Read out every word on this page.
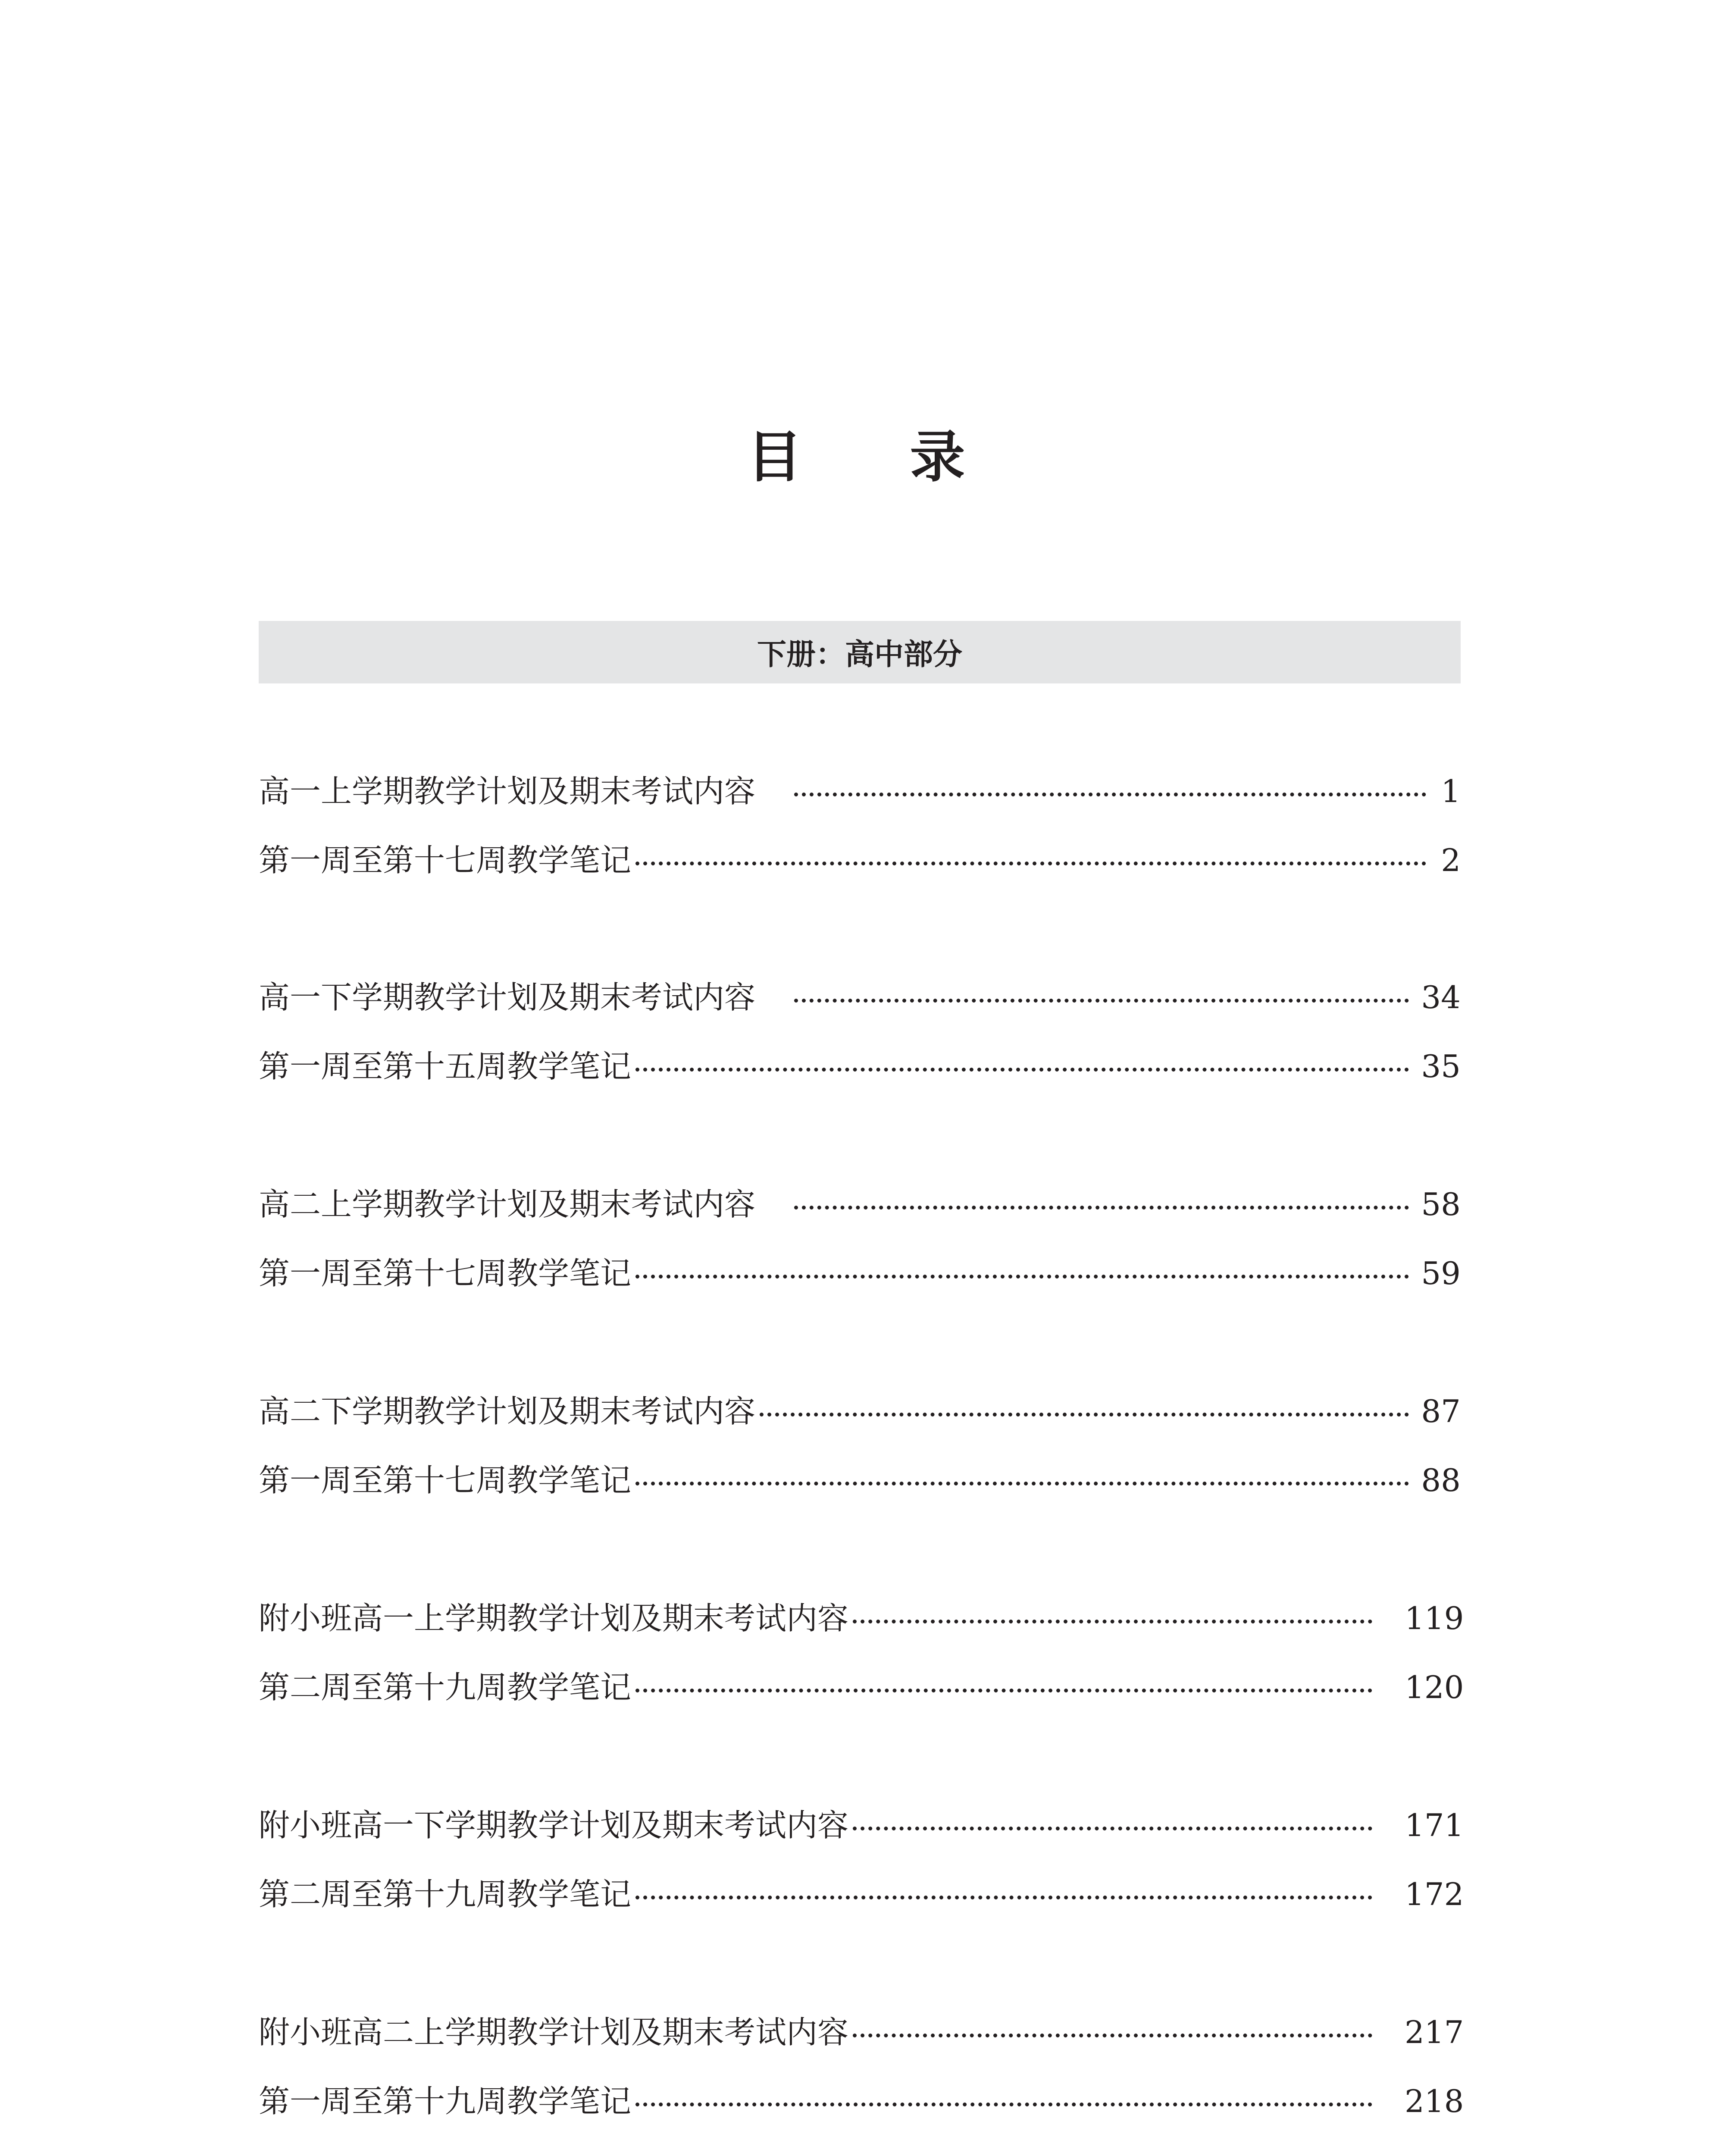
目 录
下册：高中部分
高一上学期教学计划及期末考试内容	1
第一周至第十七周教学笔记	2
高一下学期教学计划及期末考试内容	34
第一周至第十五周教学笔记	35
高二上学期教学计划及期末考试内容	58
第一周至第十七周教学笔记	59
高二下学期教学计划及期末考试内容	87
第一周至第十七周教学笔记	88
附小班高一上学期教学计划及期末考试内容	119
第二周至第十九周教学笔记	120
附小班高一下学期教学计划及期末考试内容	171
第二周至第十九周教学笔记	172
附小班高二上学期教学计划及期末考试内容	217
第一周至第十九周教学笔记	218
